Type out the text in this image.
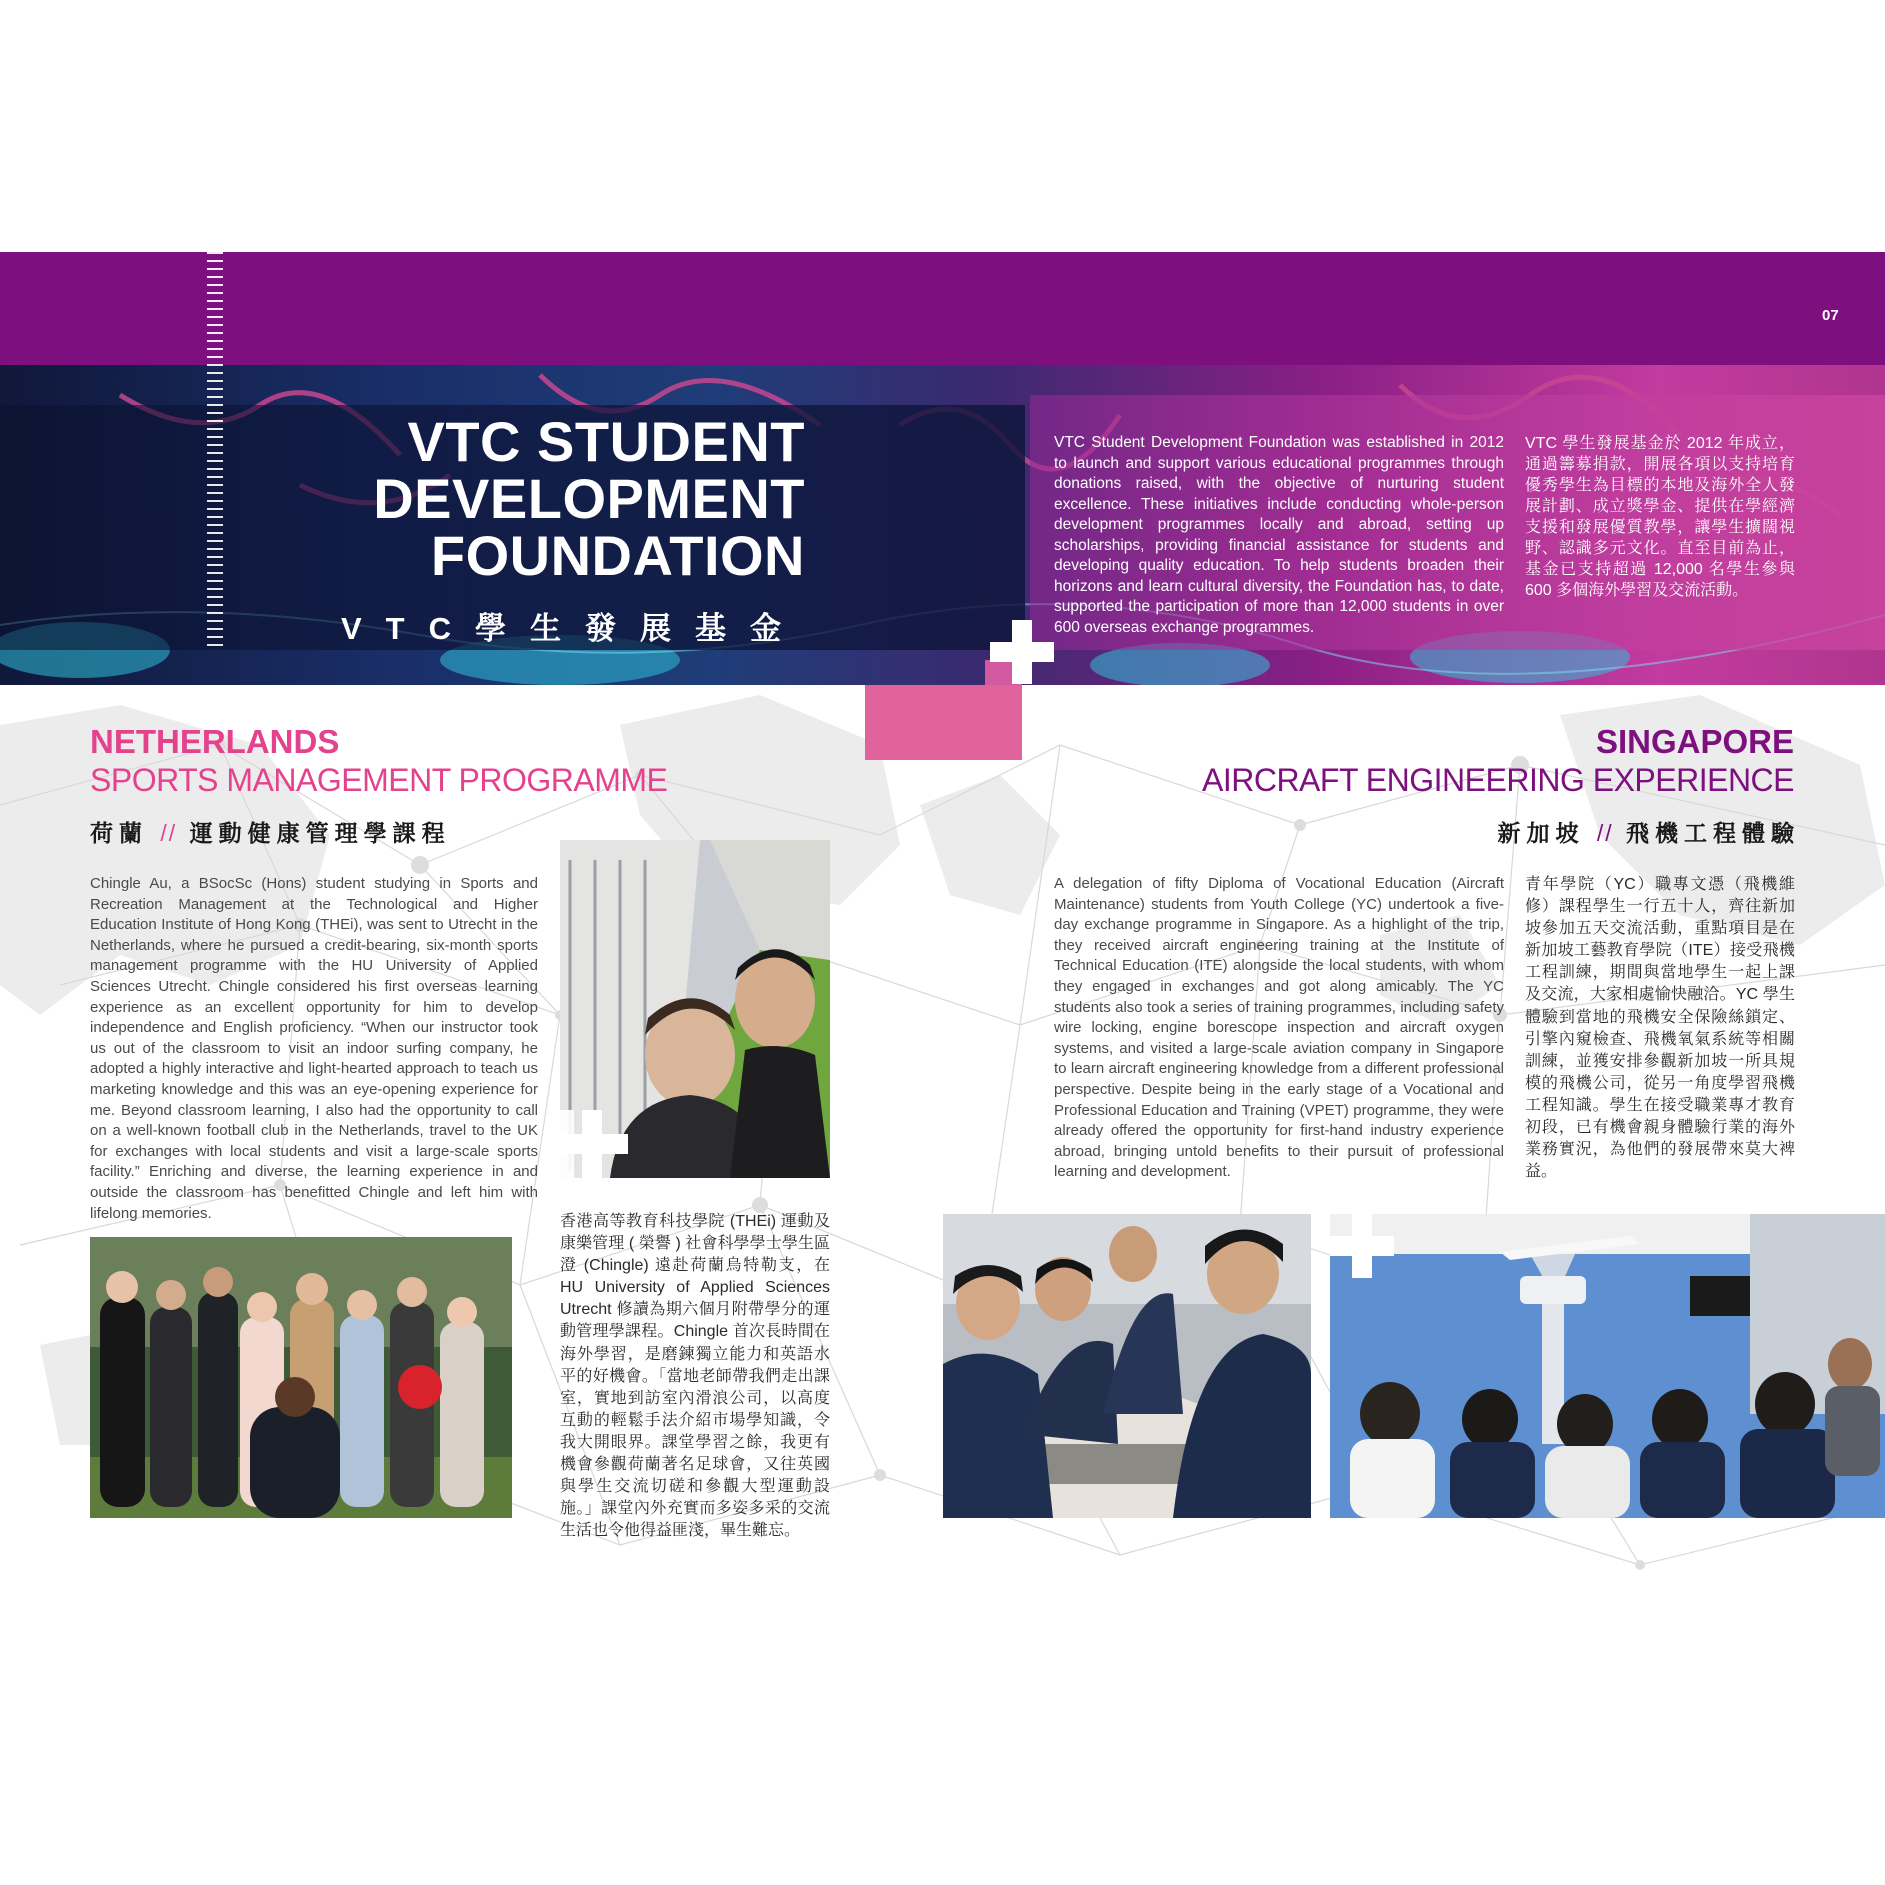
07
VTC STUDENT
DEVELOPMENT
FOUNDATION
VTC學生發展基金
VTC Student Development Foundation was established in 2012 to launch and support various educational programmes through donations raised, with the objective of nurturing student excellence. These initiatives include conducting whole-person development programmes locally and abroad, setting up scholarships, providing financial assistance for students and developing quality education. To help students broaden their horizons and learn cultural diversity, the Foundation has, to date, supported the participation of more than 12,000 students in over 600 overseas exchange programmes.
VTC 學生發展基金於 2012 年成立，通過籌募捐款，開展各項以支持培育優秀學生為目標的本地及海外全人發展計劃、成立獎學金、提供在學經濟支援和發展優質教學，讓學生擴闊視野、認識多元文化。直至目前為止，基金已支持超過 12,000 名學生參與 600 多個海外學習及交流活動。
NETHERLANDS
SPORTS MANAGEMENT PROGRAMME
荷蘭 // 運動健康管理學課程
Chingle Au, a BSocSc (Hons) student studying in Sports and Recreation Management at the Technological and Higher Education Institute of Hong Kong (THEi), was sent to Utrecht in the Netherlands, where he pursued a credit-bearing, six-month sports management programme with the HU University of Applied Sciences Utrecht. Chingle considered his first overseas learning experience as an excellent opportunity for him to develop independence and English proficiency. “When our instructor took us out of the classroom to visit an indoor surfing company, he adopted a highly interactive and light-hearted approach to teach us marketing knowledge and this was an eye-opening experience for me. Beyond classroom learning, I also had the opportunity to call on a well-known football club in the Netherlands, travel to the UK for exchanges with local students and visit a large-scale sports facility.” Enriching and diverse, the learning experience in and outside the classroom has benefitted Chingle and left him with lifelong memories.	香港高等教育科技學院 (THEi) 運動及康樂管理 ( 榮譽 ) 社會科學學士學生區澄 (Chingle) 遠赴荷蘭烏特勒支，在 HU University of Applied Sciences Utrecht 修讀為期六個月附帶學分的運動管理學課程。Chingle 首次長時間在海外學習，是磨鍊獨立能力和英語水平的好機會。「當地老師帶我們走出課室，實地到訪室內滑浪公司，以高度互動的輕鬆手法介紹市場學知識，令我大開眼界。課堂學習之餘，我更有機會參觀荷蘭著名足球會，又往英國與學生交流切磋和參觀大型運動設施。」課堂內外充實而多姿多采的交流生活也令他得益匪淺，畢生難忘。
SINGAPORE
AIRCRAFT ENGINEERING EXPERIENCE
新加坡 // 飛機工程體驗
A delegation of fifty Diploma of Vocational Education (Aircraft Maintenance) students from Youth College (YC) undertook a five-day exchange programme in Singapore. As a highlight of the trip, they received aircraft engineering training at the Institute of Technical Education (ITE) alongside the local students, with whom they engaged in exchanges and got along amicably. The YC students also took a series of training programmes, including safety wire locking, engine borescope inspection and aircraft oxygen systems, and visited a large-scale aviation company in Singapore to learn aircraft engineering knowledge from a different professional perspective. Despite being in the early stage of a Vocational and Professional Education and Training (VPET) programme, they were already offered the opportunity for first-hand industry experience abroad, bringing untold benefits to their pursuit of professional learning and development.
青年學院（YC）職專文憑（飛機維修）課程學生一行五十人，齊往新加坡參加五天交流活動，重點項目是在新加坡工藝教育學院（ITE）接受飛機工程訓練，期間與當地學生一起上課及交流，大家相處愉快融洽。YC 學生體驗到當地的飛機安全保險絲鎖定、引擎內窺檢查、飛機氧氣系統等相關訓練，並獲安排參觀新加坡一所具規模的飛機公司，從另一角度學習飛機工程知識。學生在接受職業專才教育初段，已有機會親身體驗行業的海外業務實況，為他們的發展帶來莫大裨益。
